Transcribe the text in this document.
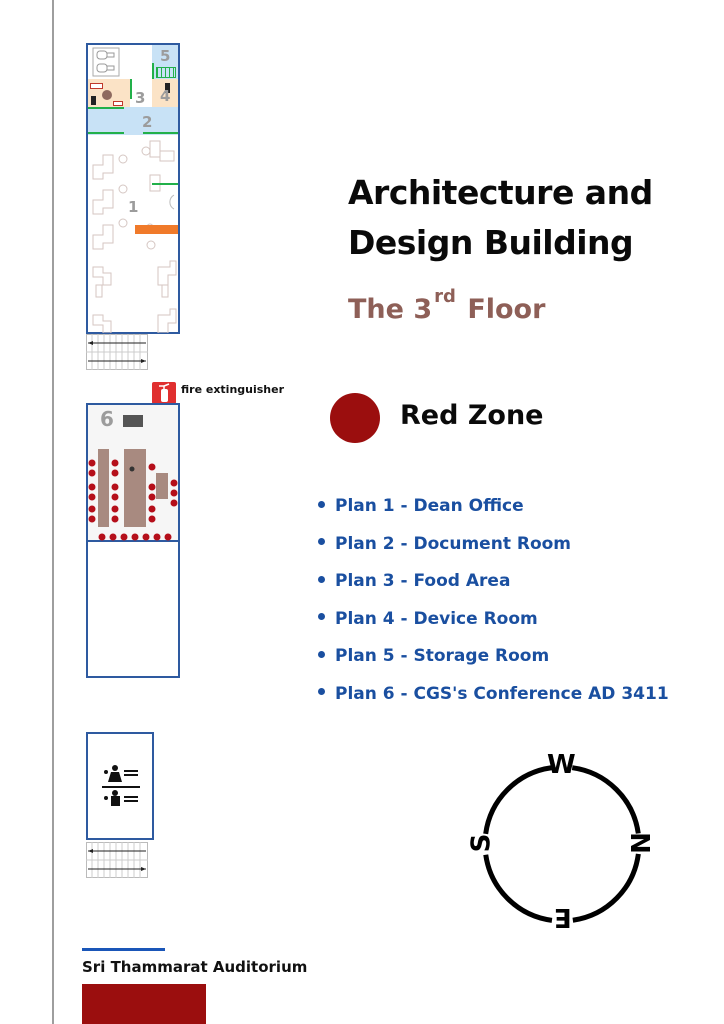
5
4
3
2
1
fire extinguisher
6
Architecture and
Design Building
The 3 $^{rd}$ Floor
Red Zone
Plan 1 - Dean Office
Plan 2 - Document Room
Plan 3 - Food Area
Plan 4 - Device Room
Plan 5 - Storage Room
Plan 6 - CGS's Conference AD 3411
W
N
E
S
Sri Thammarat Auditorium
